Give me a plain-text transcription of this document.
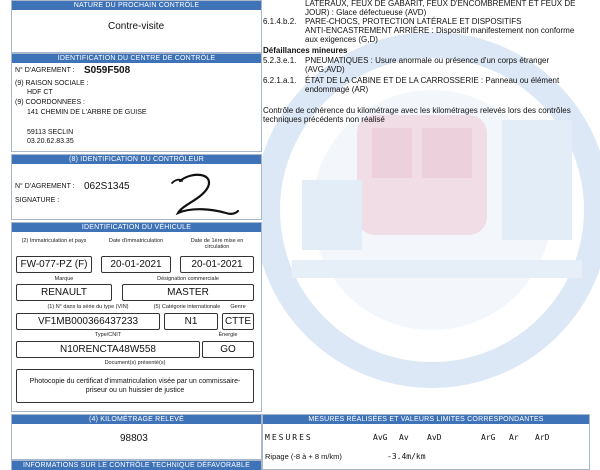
NATURE DU PROCHAIN CONTRÔLE
Contre-visite
IDENTIFICATION DU CENTRE DE CONTRÔLE
N° D'AGREMENT : S059F508
(9) RAISON SOCIALE :
HDF CT
(9) COORDONNEES :
141 CHEMIN DE L'ARBRE DE GUISE
59113 SECLIN
03.20.62.83.35
(8) IDENTIFICATION DU CONTRÔLEUR
N° D'AGREMENT : 062S1345
SIGNATURE :
IDENTIFICATION DU VÉHICULE
(2) Immatriculation et pays	Date d'immatriculation	Date de 1ère mise en circulation
FW-077-PZ (F)	20-01-2021	20-01-2021
Marque	Désignation commerciale
RENAULT	MASTER
(1) N° dans la série du type (VIN)	(5) Catégorie internationale	Genre
VF1MB000366437233	N1	CTTE
Type/CNIT	Énergie
N10RENCTA48W558	GO
Document(s) présenté(s)
Photocopie du certificat d'immatriculation visée par un commissaire-priseur ou un huissier de justice
(4) KILOMÉTRAGE RELEVÉ
98803
INFORMATIONS SUR LE CONTRÔLE TECHNIQUE DÉFAVORABLE
6.1.4.b.2.
LATÉRAUX, FEUX DE GABARIT, FEUX D'ENCOMBREMENT ET FEUX DE
JOUR) : Glace défectueuse (AVD)
PARE-CHOCS, PROTECTION LATÉRALE ET DISPOSITIFS
ANTI-ENCASTREMENT ARRIÈRE : Dispositif manifestement non conforme
aux exigences (G,D)
Défaillances mineures
5.2.3.e.1.	PNEUMATIQUES : Usure anormale ou présence d'un corps étranger
(AVG,AVD)
6.2.1.a.1.	ÉTAT DE LA CABINE ET DE LA CARROSSERIE : Panneau ou élément
endommagé (AR)
Contrôle de cohérence du kilométrage avec les kilométrages relevés lors des contrôles
techniques précédents non réalisé
MESURES RÉALISÉES ET VALEURS LIMITES CORRESPONDANTES
MESURES	AvG Av AvD	ArG Ar ArD
Ripage (-8 à + 8 m/km)	-3.4m/km
